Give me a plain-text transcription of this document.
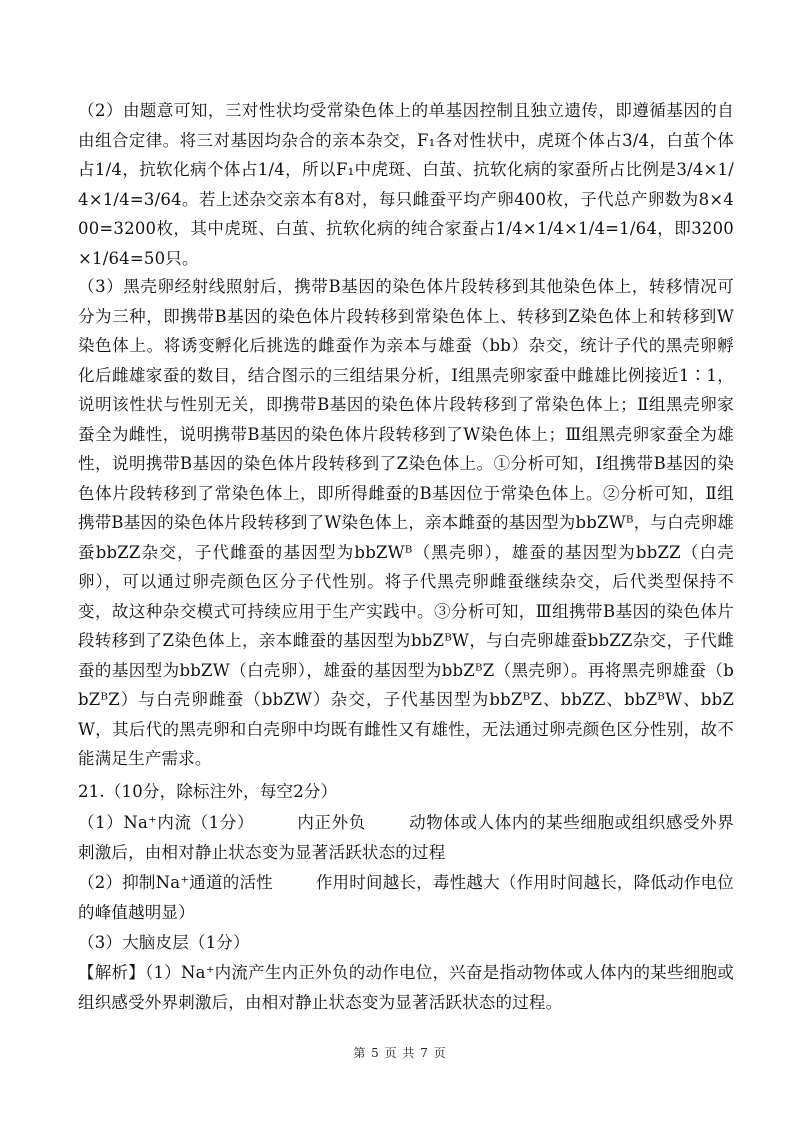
（2）由题意可知，三对性状均受常染色体上的单基因控制且独立遗传，即遵循基因的自由组合定律。将三对基因均杂合的亲本杂交，F₁各对性状中，虎斑个体占3/4，白茧个体占1/4，抗软化病个体占1/4，所以F₁中虎斑、白茧、抗软化病的家蚕所占比例是3/4×1/4×1/4=3/64。若上述杂交亲本有8对，每只雌蚕平均产卵400枚，子代总产卵数为8×400=3200枚，其中虎斑、白茧、抗软化病的纯合家蚕占1/4×1/4×1/4=1/64，即3200×1/64=50只。

（3）黑壳卵经射线照射后，携带B基因的染色体片段转移到其他染色体上，转移情况可分为三种，即携带B基因的染色体片段转移到常染色体上、转移到Z染色体上和转移到W染色体上。将诱变孵化后挑选的雌蚕作为亲本与雄蚕（bb）杂交，统计子代的黑壳卵孵化后雌雄家蚕的数目，结合图示的三组结果分析，Ⅰ组黑壳卵家蚕中雌雄比例接近1∶1，说明该性状与性别无关，即携带B基因的染色体片段转移到了常染色体上；Ⅱ组黑壳卵家蚕全为雌性，说明携带B基因的染色体片段转移到了W染色体上；Ⅲ组黑壳卵家蚕全为雄性，说明携带B基因的染色体片段转移到了Z染色体上。①分析可知，Ⅰ组携带B基因的染色体片段转移到了常染色体上，即所得雌蚕的B基因位于常染色体上。②分析可知，Ⅱ组携带B基因的染色体片段转移到了W染色体上，亲本雌蚕的基因型为bbZWᴮ，与白壳卵雄蚕bbZZ杂交，子代雌蚕的基因型为bbZWᴮ（黑壳卵），雄蚕的基因型为bbZZ（白壳卵），可以通过卵壳颜色区分子代性别。将子代黑壳卵雌蚕继续杂交，后代类型保持不变，故这种杂交模式可持续应用于生产实践中。③分析可知，Ⅲ组携带B基因的染色体片段转移到了Z染色体上，亲本雌蚕的基因型为bbZᴮW，与白壳卵雄蚕bbZZ杂交，子代雌蚕的基因型为bbZW（白壳卵），雄蚕的基因型为bbZᴮZ（黑壳卵）。再将黑壳卵雄蚕（bbZᴮZ）与白壳卵雌蚕（bbZW）杂交，子代基因型为bbZᴮZ、bbZZ、bbZᴮW、bbZW，其后代的黑壳卵和白壳卵中均既有雌性又有雄性，无法通过卵壳颜色区分性别，故不能满足生产需求。

21.（10分，除标注外，每空2分）

（1）Na⁺内流（1分）	内正外负	动物体或人体内的某些细胞或组织感受外界刺激后，由相对静止状态变为显著活跃状态的过程

（2）抑制Na⁺通道的活性	作用时间越长，毒性越大（作用时间越长，降低动作电位的峰值越明显）

（3）大脑皮层（1分）

【解析】（1）Na⁺内流产生内正外负的动作电位，兴奋是指动物体或人体内的某些细胞或组织感受外界刺激后，由相对静止状态变为显著活跃状态的过程。

第 5 页 共 7 页
